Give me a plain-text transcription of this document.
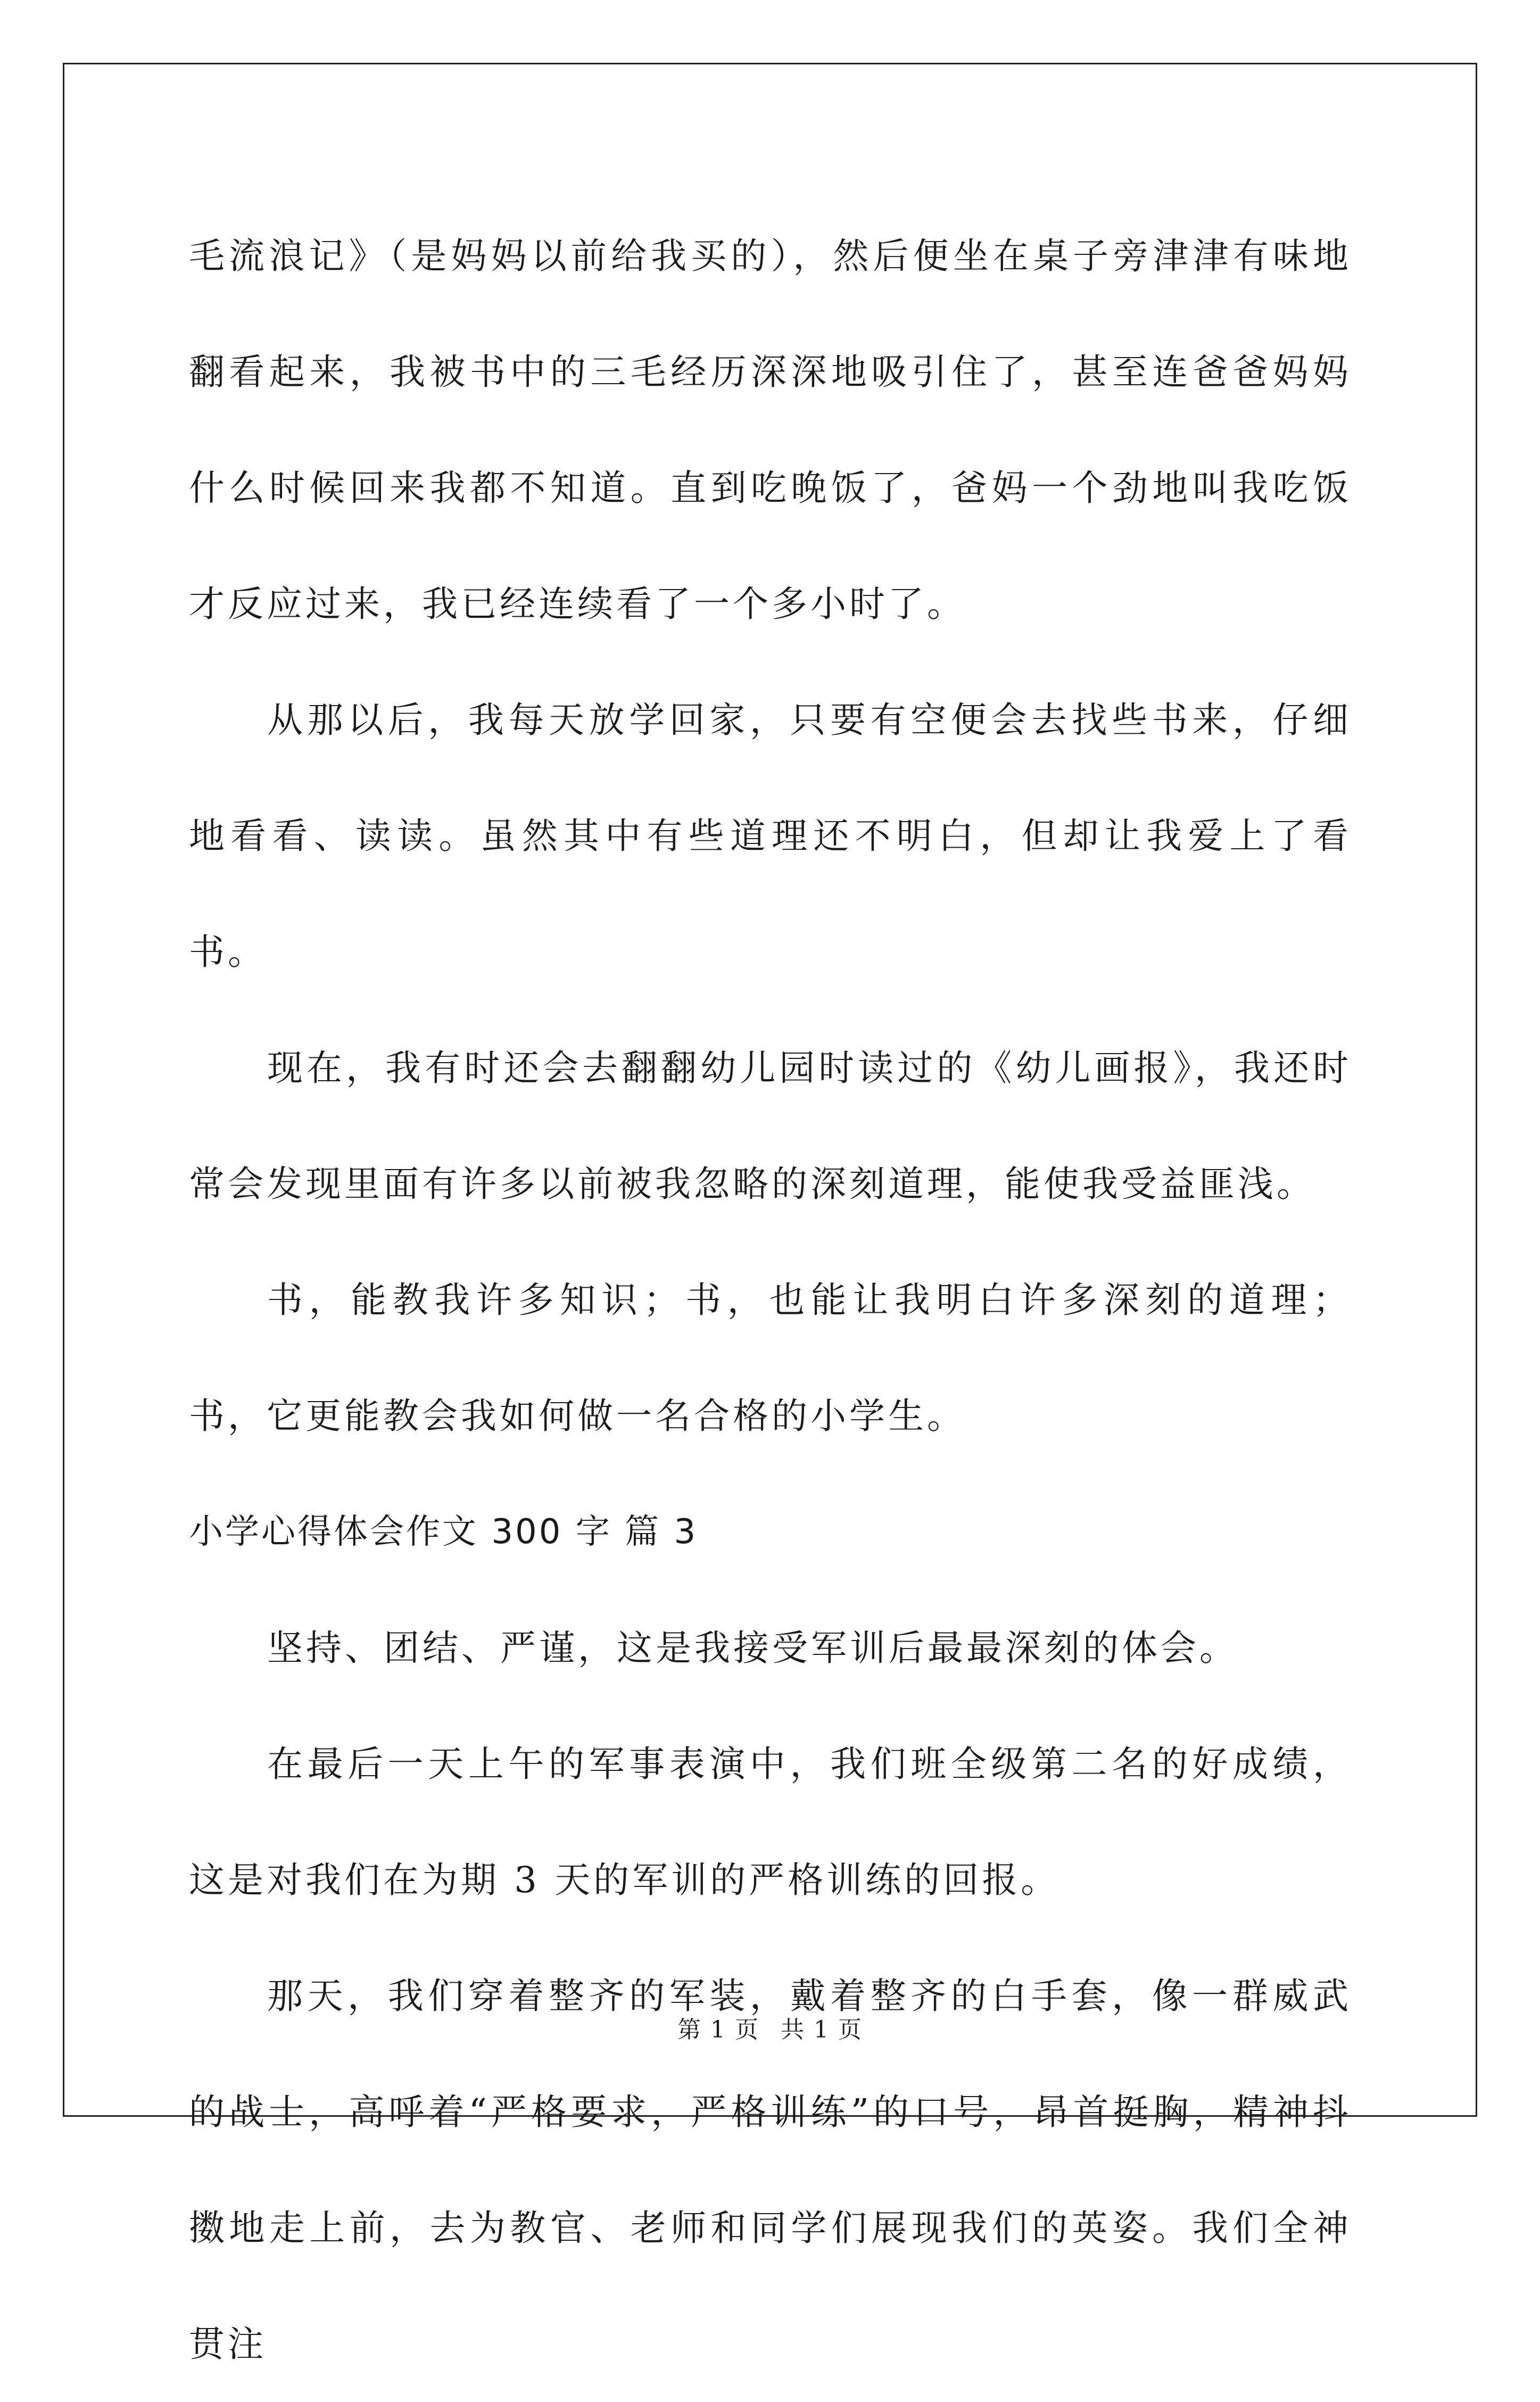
毛流浪记》（是妈妈以前给我买的），然后便坐在桌子旁津津有味地翻看起来，我被书中的三毛经历深深地吸引住了，甚至连爸爸妈妈什么时候回来我都不知道。直到吃晚饭了，爸妈一个劲地叫我吃饭才反应过来，我已经连续看了一个多小时了。

从那以后，我每天放学回家，只要有空便会去找些书来，仔细地看看、读读。虽然其中有些道理还不明白，但却让我爱上了看书。

现在，我有时还会去翻翻幼儿园时读过的《幼儿画报》，我还时常会发现里面有许多以前被我忽略的深刻道理，能使我受益匪浅。

书，能教我许多知识；书，也能让我明白许多深刻的道理；书，它更能教会我如何做一名合格的小学生。

小学心得体会作文 300 字 篇 3

坚持、团结、严谨，这是我接受军训后最最深刻的体会。

在最后一天上午的军事表演中，我们班全级第二名的好成绩，这是对我们在为期 3 天的军训的严格训练的回报。

那天，我们穿着整齐的军装，戴着整齐的白手套，像一群威武的战士，高呼着“严格要求，严格训练”的口号，昂首挺胸，精神抖擞地走上前，去为教官、老师和同学们展现我们的英姿。我们全神贯注

第 1 页 共 1 页
